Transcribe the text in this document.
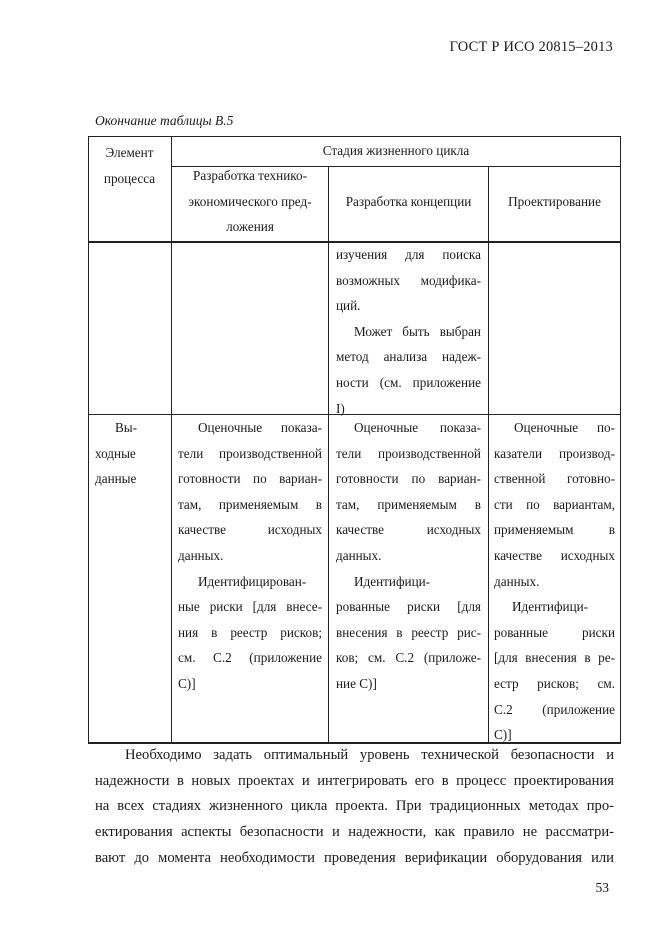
ГОСТ Р ИСО 20815–2013
Окончание таблицы В.5
Элемент
процесса
Стадия жизненного цикла
Разработка технико-
экономического пред-
ложения
Разработка концепции	Проектирование
изучения для поиска
возможных модифика-
ций.
Может быть выбран
метод анализа надеж-
ности (см. приложение
I)
Вы-
ходные
данные
Оценочные показа-
тели производственной
готовности по вариан-
там, применяемым в
качестве исходных
данных.
Идентифицирован-
ные риски [для внесе-
ния в реестр рисков;
см. С.2 (приложение
С)]
Оценочные показа-
тели производственной
готовности по вариан-
там, применяемым в
качестве исходных
данных.
Идентифици-
рованные риски [для
внесения в реестр рис-
ков; см. С.2 (приложе-
ние С)]
Оценочные по-
казатели производ-
ственной готовно-
сти по вариантам,
применяемым в
качестве исходных
данных.
Идентифици-
рованные риски
[для внесения в ре-
естр рисков; см.
С.2 (приложение
С)]
Необходимо задать оптимальный уровень технической безопасности и
надежности в новых проектах и интегрировать его в процесс проектирования
на всех стадиях жизненного цикла проекта. При традиционных методах про-
ектирования аспекты безопасности и надежности, как правило не рассматри-
вают до момента необходимости проведения верификации оборудования или
53
